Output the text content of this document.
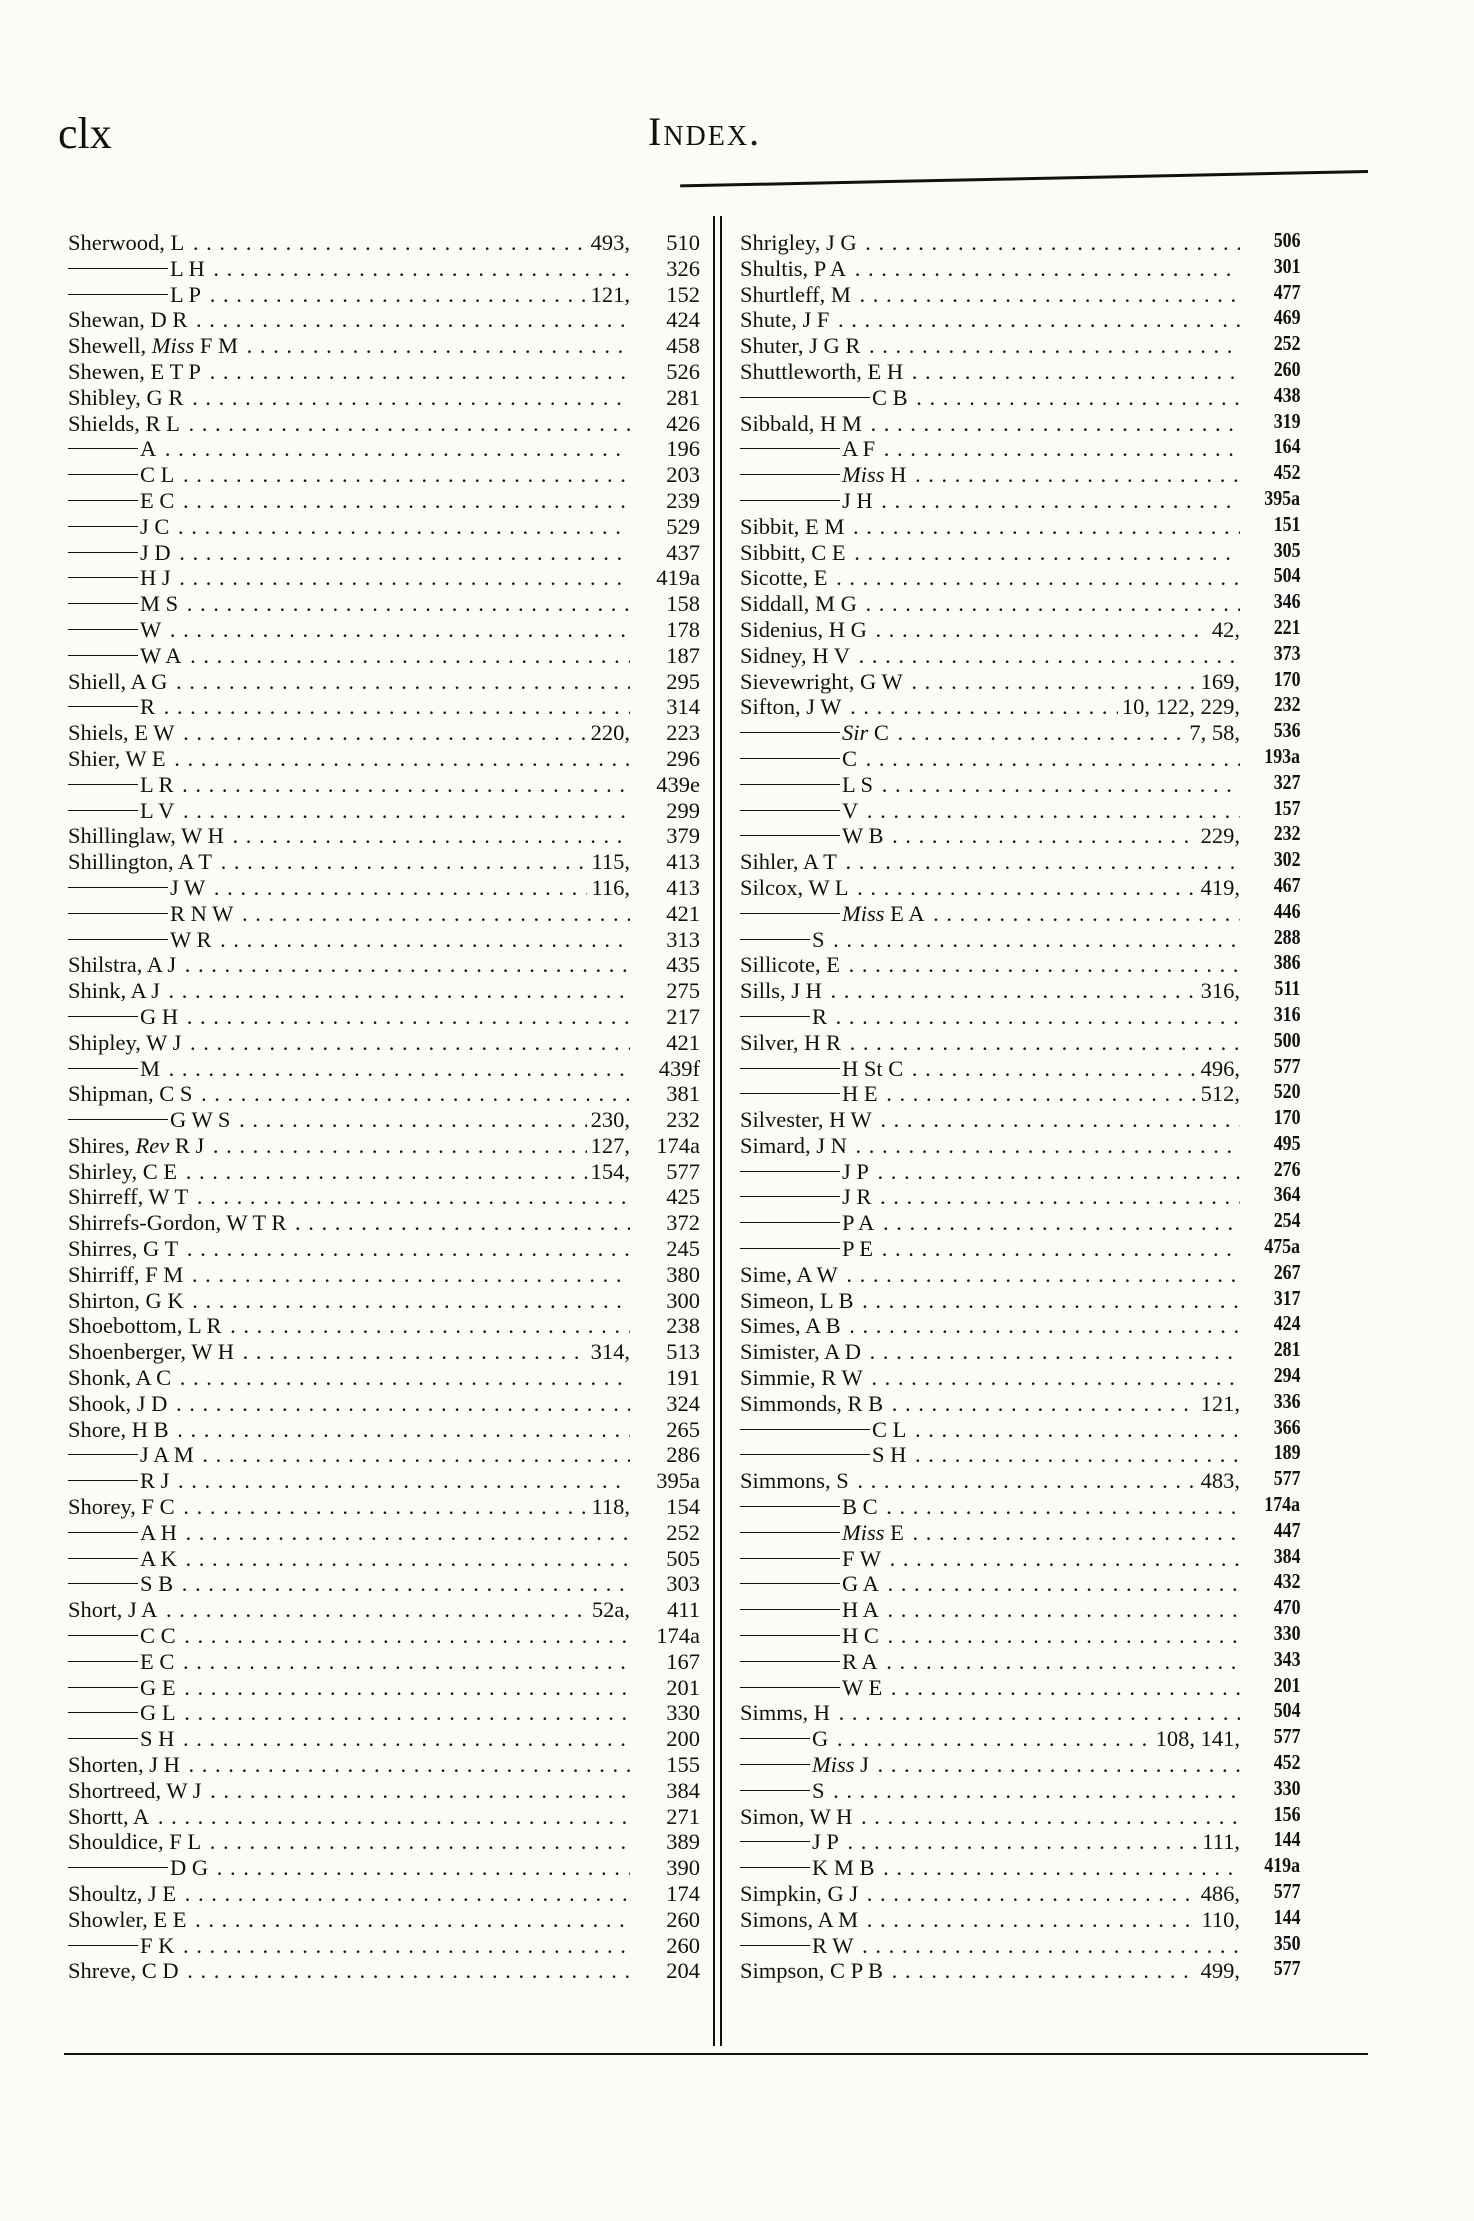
clx	Index.
Sherwood, L . . .	493,	510
L H . . .	326
L P . . .	121,	152
Shewan, D R . . .	424
Shewell, Miss F M . . .	458
Shewen, E T P . . .	526
Shibley, G R . . .	281
Shields, R L . . .	426
A . . .	196
C L . . .	203
E C . . .	239
J C . . .	529
J D . . .	437
H J . . .	419a
M S . . .	158
W . . .	178
W A . . .	187
Shiell, A G . . .	295
R . . .	314
Shiels, E W . . .	220,	223
Shier, W E . . .	296
L R . . .	439e
L V . . .	299
Shillinglaw, W H . . .	379
Shillington, A T . . .	115,	413
J W . . .	116,	413
R N W . . .	421
W R . . .	313
Shilstra, A J . . .	435
Shink, A J . . .	275
G H . . .	217
Shipley, W J . . .	421
M . . .	439f
Shipman, C S . . .	381
G W S . . .	230,	232
Shires, Rev R J . . .	127,	174a
Shirley, C E . . .	154,	577
Shirreff, W T . . .	425
Shirrefs-Gordon, W T R . . .	372
Shirres, G T . . .	245
Shirriff, F M . . .	380
Shirton, G K . . .	300
Shoebottom, L R . . .	238
Shoenberger, W H . . .	314,	513
Shonk, A C . . .	191
Shook, J D . . .	324
Shore, H B . . .	265
J A M . . .	286
R J . . .	395a
Shorey, F C . . .	118,	154
A H . . .	252
A K . . .	505
S B . . .	303
Short, J A . . .	52a,	411
C C . . .	174a
E C . . .	167
G E . . .	201
G L . . .	330
S H . . .	200
Shorten, J H . . .	155
Shortreed, W J . . .	384
Shortt, A . . .	271
Shouldice, F L . . .	389
D G . . .	390
Shoultz, J E . . .	174
Showler, E E . . .	260
F K . . .	260
Shreve, C D . . .	204
Shrigley, J G . . .	506
Shultis, P A . . .	301
Shurtleff, M . . .	477
Shute, J F . . .	469
Shuter, J G R . . .	252
Shuttleworth, E H . . .	260
C B . . .	438
Sibbald, H M . . .	319
A F . . .	164
Miss H . . .	452
J H . . .	395a
Sibbit, E M . . .	151
Sibbitt, C E . . .	305
Sicotte, E . . .	504
Siddall, M G . . .	346
Sidenius, H G . . .	42, 221
Sidney, H V . . .	373
Sievewright, G W . . .	169, 170
Sifton, J W . . .	10, 122, 229, 232
Sir C . . .	7, 58, 536
C . . .	193a
L S . . .	327
V . . .	157
W B . . .	229, 232
Sihler, A T . . .	302
Silcox, W L . . .	419, 467
Miss E A . . .	446
S . . .	288
Sillicote, E . . .	386
Sills, J H . . .	316, 511
R . . .	316
Silver, H R . . .	500
H St C . . .	496, 577
H E . . .	512, 520
Silvester, H W . . .	170
Simard, J N . . .	495
J P . . .	276
J R . . .	364
P A . . .	254
P E . . .	475a
Sime, A W . . .	267
Simeon, L B . . .	317
Simes, A B . . .	424
Simister, A D . . .	281
Simmie, R W . . .	294
Simmonds, R B . . .	121, 336
C L . . .	366
S H . . .	189
Simmons, S . . .	483, 577
B C . . .	174a
Miss E . . .	447
F W . . .	384
G A . . .	432
H A . . .	470
H C . . .	330
R A . . .	343
W E . . .	201
Simms, H . . .	504
G . . .	108, 141, 577
Miss J . . .	452
S . . .	330
Simon, W H . . .	156
J P . . .	111, 144
K M B . . .	419a
Simpkin, G J . . .	486, 577
Simons, A M . . .	110, 144
R W . . .	350
Simpson, C P B . . .	499, 577
